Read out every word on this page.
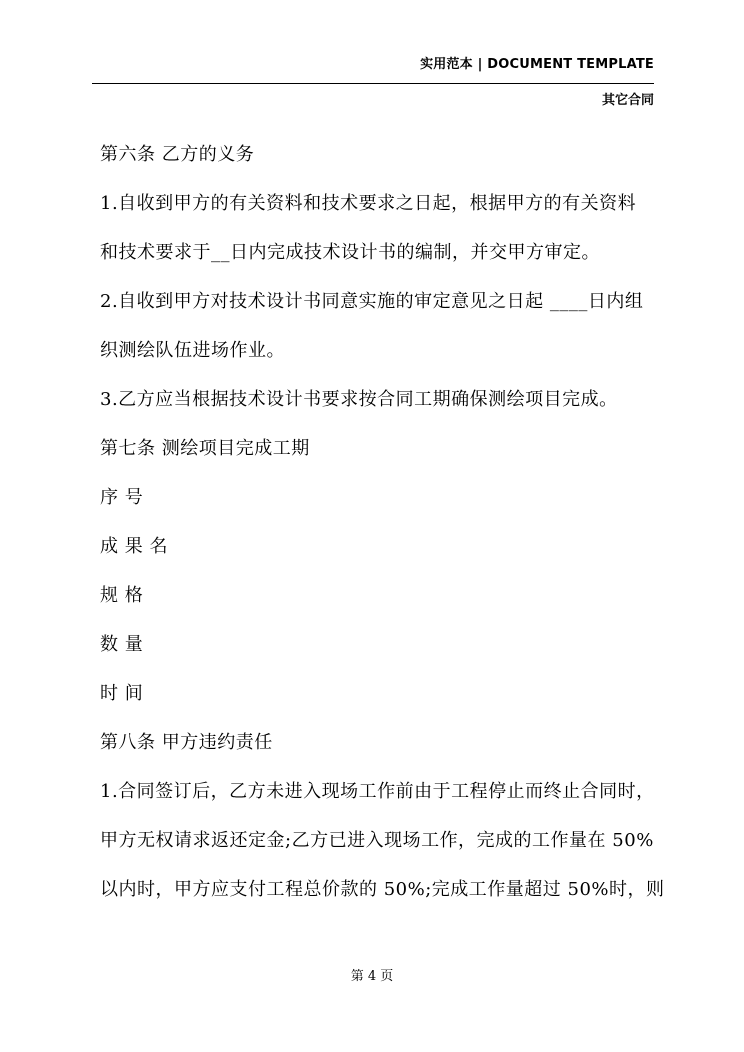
实用范本 | DOCUMENT TEMPLATE
其它合同
第六条 乙方的义务
1.自收到甲方的有关资料和技术要求之日起，根据甲方的有关资料
和技术要求于__日内完成技术设计书的编制，并交甲方审定。
2.自收到甲方对技术设计书同意实施的审定意见之日起 ____日内组
织测绘队伍进场作业。
3.乙方应当根据技术设计书要求按合同工期确保测绘项目完成。
第七条 测绘项目完成工期
序 号
成 果 名
规 格
数 量
时 间
第八条 甲方违约责任
1.合同签订后，乙方未进入现场工作前由于工程停止而终止合同时，
甲方无权请求返还定金;乙方已进入现场工作，完成的工作量在 50%
以内时，甲方应支付工程总价款的 50%;完成工作量超过 50%时，则
第 4 页
